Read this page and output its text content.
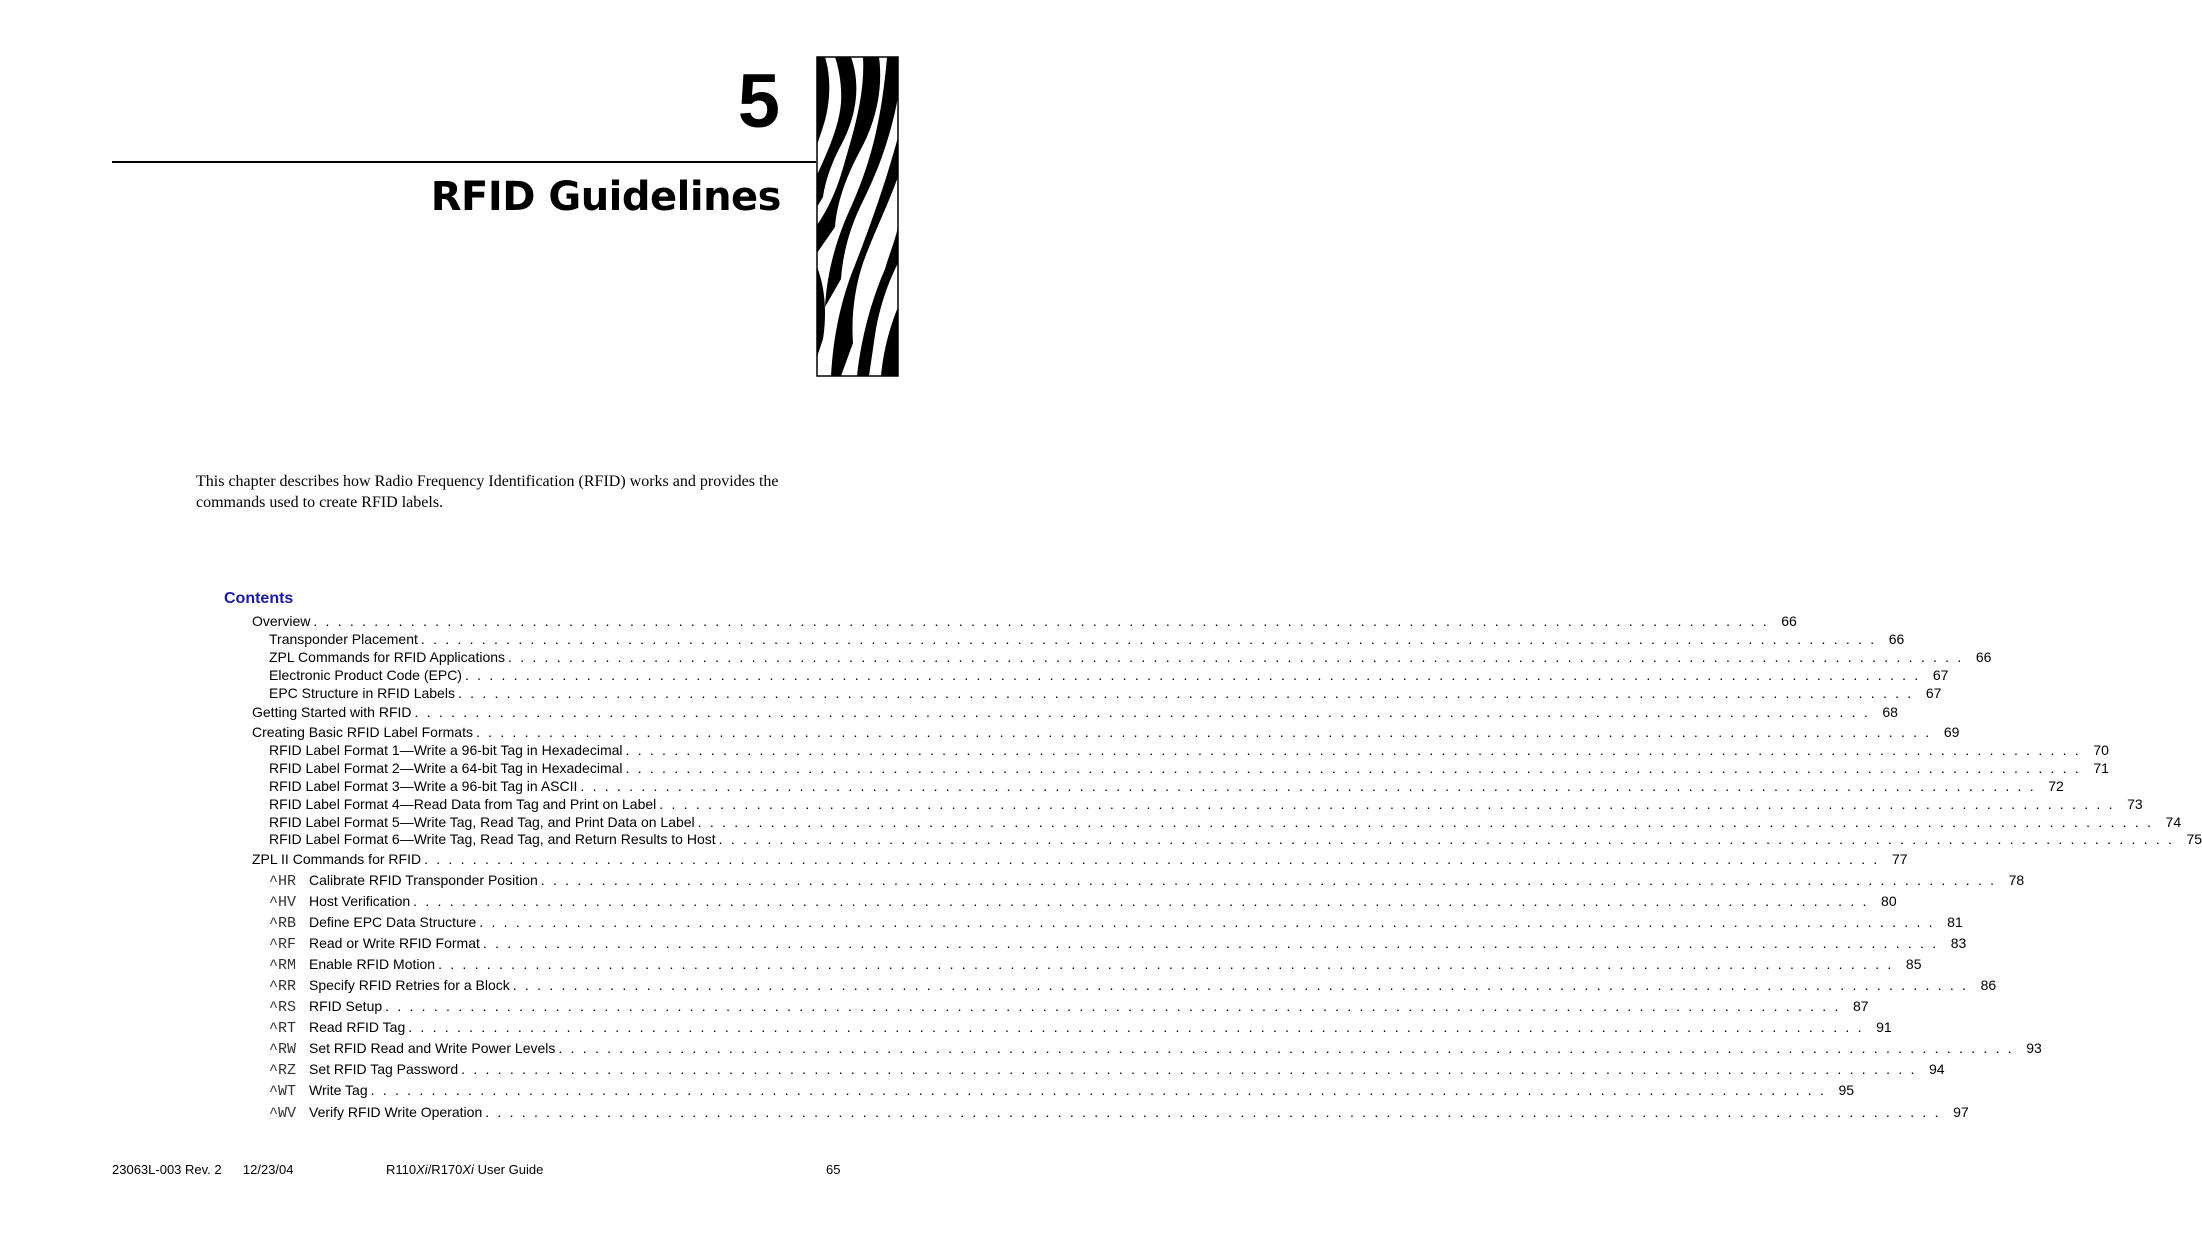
5
RFID Guidelines
This chapter describes how Radio Frequency Identification (RFID) works and provides the
commands used to create RFID labels.
Contents
Overview . . . . . . . . . . . . . . . . . . . . . . . . . . . . . . . . . . . . . . . . . . . . . . . . . . . . . . . . . . . . . . . . . . . . . . . . . . . . . . . . . . . . . . . . . . . . . . . . . . . . . . . . . . . . . . . . . . . . . . . . 66
Transponder Placement . . . . . . . . . . . . . . . . . . . . . . . . . . . . . . . . . . . . . . . . . . . . . . . . . . . . . . . . . . . . . . . . . . . . . . . . . . . . . . . . . . . . . . . . . . . . . . . . . . . . . . . . . . . . . . . . . . . . . . . . 66
ZPL Commands for RFID Applications . . . . . . . . . . . . . . . . . . . . . . . . . . . . . . . . . . . . . . . . . . . . . . . . . . . . . . . . . . . . . . . . . . . . . . . . . . . . . . . . . . . . . . . . . . . . . . . . . . . . . . . . . . . . . . . . . . . . . . . . 66
Electronic Product Code (EPC) . . . . . . . . . . . . . . . . . . . . . . . . . . . . . . . . . . . . . . . . . . . . . . . . . . . . . . . . . . . . . . . . . . . . . . . . . . . . . . . . . . . . . . . . . . . . . . . . . . . . . . . . . . . . . . . . . . . . . . . . 67
EPC Structure in RFID Labels . . . . . . . . . . . . . . . . . . . . . . . . . . . . . . . . . . . . . . . . . . . . . . . . . . . . . . . . . . . . . . . . . . . . . . . . . . . . . . . . . . . . . . . . . . . . . . . . . . . . . . . . . . . . . . . . . . . . . . . . 67
Getting Started with RFID . . . . . . . . . . . . . . . . . . . . . . . . . . . . . . . . . . . . . . . . . . . . . . . . . . . . . . . . . . . . . . . . . . . . . . . . . . . . . . . . . . . . . . . . . . . . . . . . . . . . . . . . . . . . . . . . . . . . . . . . 68
Creating Basic RFID Label Formats . . . . . . . . . . . . . . . . . . . . . . . . . . . . . . . . . . . . . . . . . . . . . . . . . . . . . . . . . . . . . . . . . . . . . . . . . . . . . . . . . . . . . . . . . . . . . . . . . . . . . . . . . . . . . . . . . . . . . . . . 69
RFID Label Format 1—Write a 96-bit Tag in Hexadecimal . . . . . . . . . . . . . . . . . . . . . . . . . . . . . . . . . . . . . . . . . . . . . . . . . . . . . . . . . . . . . . . . . . . . . . . . . . . . . . . . . . . . . . . . . . . . . . . . . . . . . . . . . . . . . . . . . . . . . . . . 70
RFID Label Format 2—Write a 64-bit Tag in Hexadecimal . . . . . . . . . . . . . . . . . . . . . . . . . . . . . . . . . . . . . . . . . . . . . . . . . . . . . . . . . . . . . . . . . . . . . . . . . . . . . . . . . . . . . . . . . . . . . . . . . . . . . . . . . . . . . . . . . . . . . . . . 71
RFID Label Format 3—Write a 96-bit Tag in ASCII . . . . . . . . . . . . . . . . . . . . . . . . . . . . . . . . . . . . . . . . . . . . . . . . . . . . . . . . . . . . . . . . . . . . . . . . . . . . . . . . . . . . . . . . . . . . . . . . . . . . . . . . . . . . . . . . . . . . . . . . 72
RFID Label Format 4—Read Data from Tag and Print on Label . . . . . . . . . . . . . . . . . . . . . . . . . . . . . . . . . . . . . . . . . . . . . . . . . . . . . . . . . . . . . . . . . . . . . . . . . . . . . . . . . . . . . . . . . . . . . . . . . . . . . . . . . . . . . . . . . . . . . . . . 73
RFID Label Format 5—Write Tag, Read Tag, and Print Data on Label . . . . . . . . . . . . . . . . . . . . . . . . . . . . . . . . . . . . . . . . . . . . . . . . . . . . . . . . . . . . . . . . . . . . . . . . . . . . . . . . . . . . . . . . . . . . . . . . . . . . . . . . . . . . . . . . . . . . . . . . 74
RFID Label Format 6—Write Tag, Read Tag, and Return Results to Host . . . . . . . . . . . . . . . . . . . . . . . . . . . . . . . . . . . . . . . . . . . . . . . . . . . . . . . . . . . . . . . . . . . . . . . . . . . . . . . . . . . . . . . . . . . . . . . . . . . . . . . . . . . . . . . . . . . . . . . . 75
ZPL II Commands for RFID . . . . . . . . . . . . . . . . . . . . . . . . . . . . . . . . . . . . . . . . . . . . . . . . . . . . . . . . . . . . . . . . . . . . . . . . . . . . . . . . . . . . . . . . . . . . . . . . . . . . . . . . . . . . . . . . . . . . . . . . 77
^HR Calibrate RFID Transponder Position . . . . . . . . . . . . . . . . . . . . . . . . . . . . . . . . . . . . . . . . . . . . . . . . . . . . . . . . . . . . . . . . . . . . . . . . . . . . . . . . . . . . . . . . . . . . . . . . . . . . . . . . . . . . . . . . . . . . . . . . 78
^HV Host Verification . . . . . . . . . . . . . . . . . . . . . . . . . . . . . . . . . . . . . . . . . . . . . . . . . . . . . . . . . . . . . . . . . . . . . . . . . . . . . . . . . . . . . . . . . . . . . . . . . . . . . . . . . . . . . . . . . . . . . . . . 80
^RB Define EPC Data Structure . . . . . . . . . . . . . . . . . . . . . . . . . . . . . . . . . . . . . . . . . . . . . . . . . . . . . . . . . . . . . . . . . . . . . . . . . . . . . . . . . . . . . . . . . . . . . . . . . . . . . . . . . . . . . . . . . . . . . . . . 81
^RF Read or Write RFID Format . . . . . . . . . . . . . . . . . . . . . . . . . . . . . . . . . . . . . . . . . . . . . . . . . . . . . . . . . . . . . . . . . . . . . . . . . . . . . . . . . . . . . . . . . . . . . . . . . . . . . . . . . . . . . . . . . . . . . . . . 83
^RM Enable RFID Motion . . . . . . . . . . . . . . . . . . . . . . . . . . . . . . . . . . . . . . . . . . . . . . . . . . . . . . . . . . . . . . . . . . . . . . . . . . . . . . . . . . . . . . . . . . . . . . . . . . . . . . . . . . . . . . . . . . . . . . . . 85
^RR Specify RFID Retries for a Block . . . . . . . . . . . . . . . . . . . . . . . . . . . . . . . . . . . . . . . . . . . . . . . . . . . . . . . . . . . . . . . . . . . . . . . . . . . . . . . . . . . . . . . . . . . . . . . . . . . . . . . . . . . . . . . . . . . . . . . . 86
^RS RFID Setup . . . . . . . . . . . . . . . . . . . . . . . . . . . . . . . . . . . . . . . . . . . . . . . . . . . . . . . . . . . . . . . . . . . . . . . . . . . . . . . . . . . . . . . . . . . . . . . . . . . . . . . . . . . . . . . . . . . . . . . . 87
^RT Read RFID Tag . . . . . . . . . . . . . . . . . . . . . . . . . . . . . . . . . . . . . . . . . . . . . . . . . . . . . . . . . . . . . . . . . . . . . . . . . . . . . . . . . . . . . . . . . . . . . . . . . . . . . . . . . . . . . . . . . . . . . . . . 91
^RW Set RFID Read and Write Power Levels . . . . . . . . . . . . . . . . . . . . . . . . . . . . . . . . . . . . . . . . . . . . . . . . . . . . . . . . . . . . . . . . . . . . . . . . . . . . . . . . . . . . . . . . . . . . . . . . . . . . . . . . . . . . . . . . . . . . . . . . 93
^RZ Set RFID Tag Password . . . . . . . . . . . . . . . . . . . . . . . . . . . . . . . . . . . . . . . . . . . . . . . . . . . . . . . . . . . . . . . . . . . . . . . . . . . . . . . . . . . . . . . . . . . . . . . . . . . . . . . . . . . . . . . . . . . . . . . . 94
^WT Write Tag . . . . . . . . . . . . . . . . . . . . . . . . . . . . . . . . . . . . . . . . . . . . . . . . . . . . . . . . . . . . . . . . . . . . . . . . . . . . . . . . . . . . . . . . . . . . . . . . . . . . . . . . . . . . . . . . . . . . . . . . 95
^WV Verify RFID Write Operation . . . . . . . . . . . . . . . . . . . . . . . . . . . . . . . . . . . . . . . . . . . . . . . . . . . . . . . . . . . . . . . . . . . . . . . . . . . . . . . . . . . . . . . . . . . . . . . . . . . . . . . . . . . . . . . . . . . . . . . . 97
23063L-003 Rev. 2 12/23/04	R110Xi/R170Xi User Guide	65
